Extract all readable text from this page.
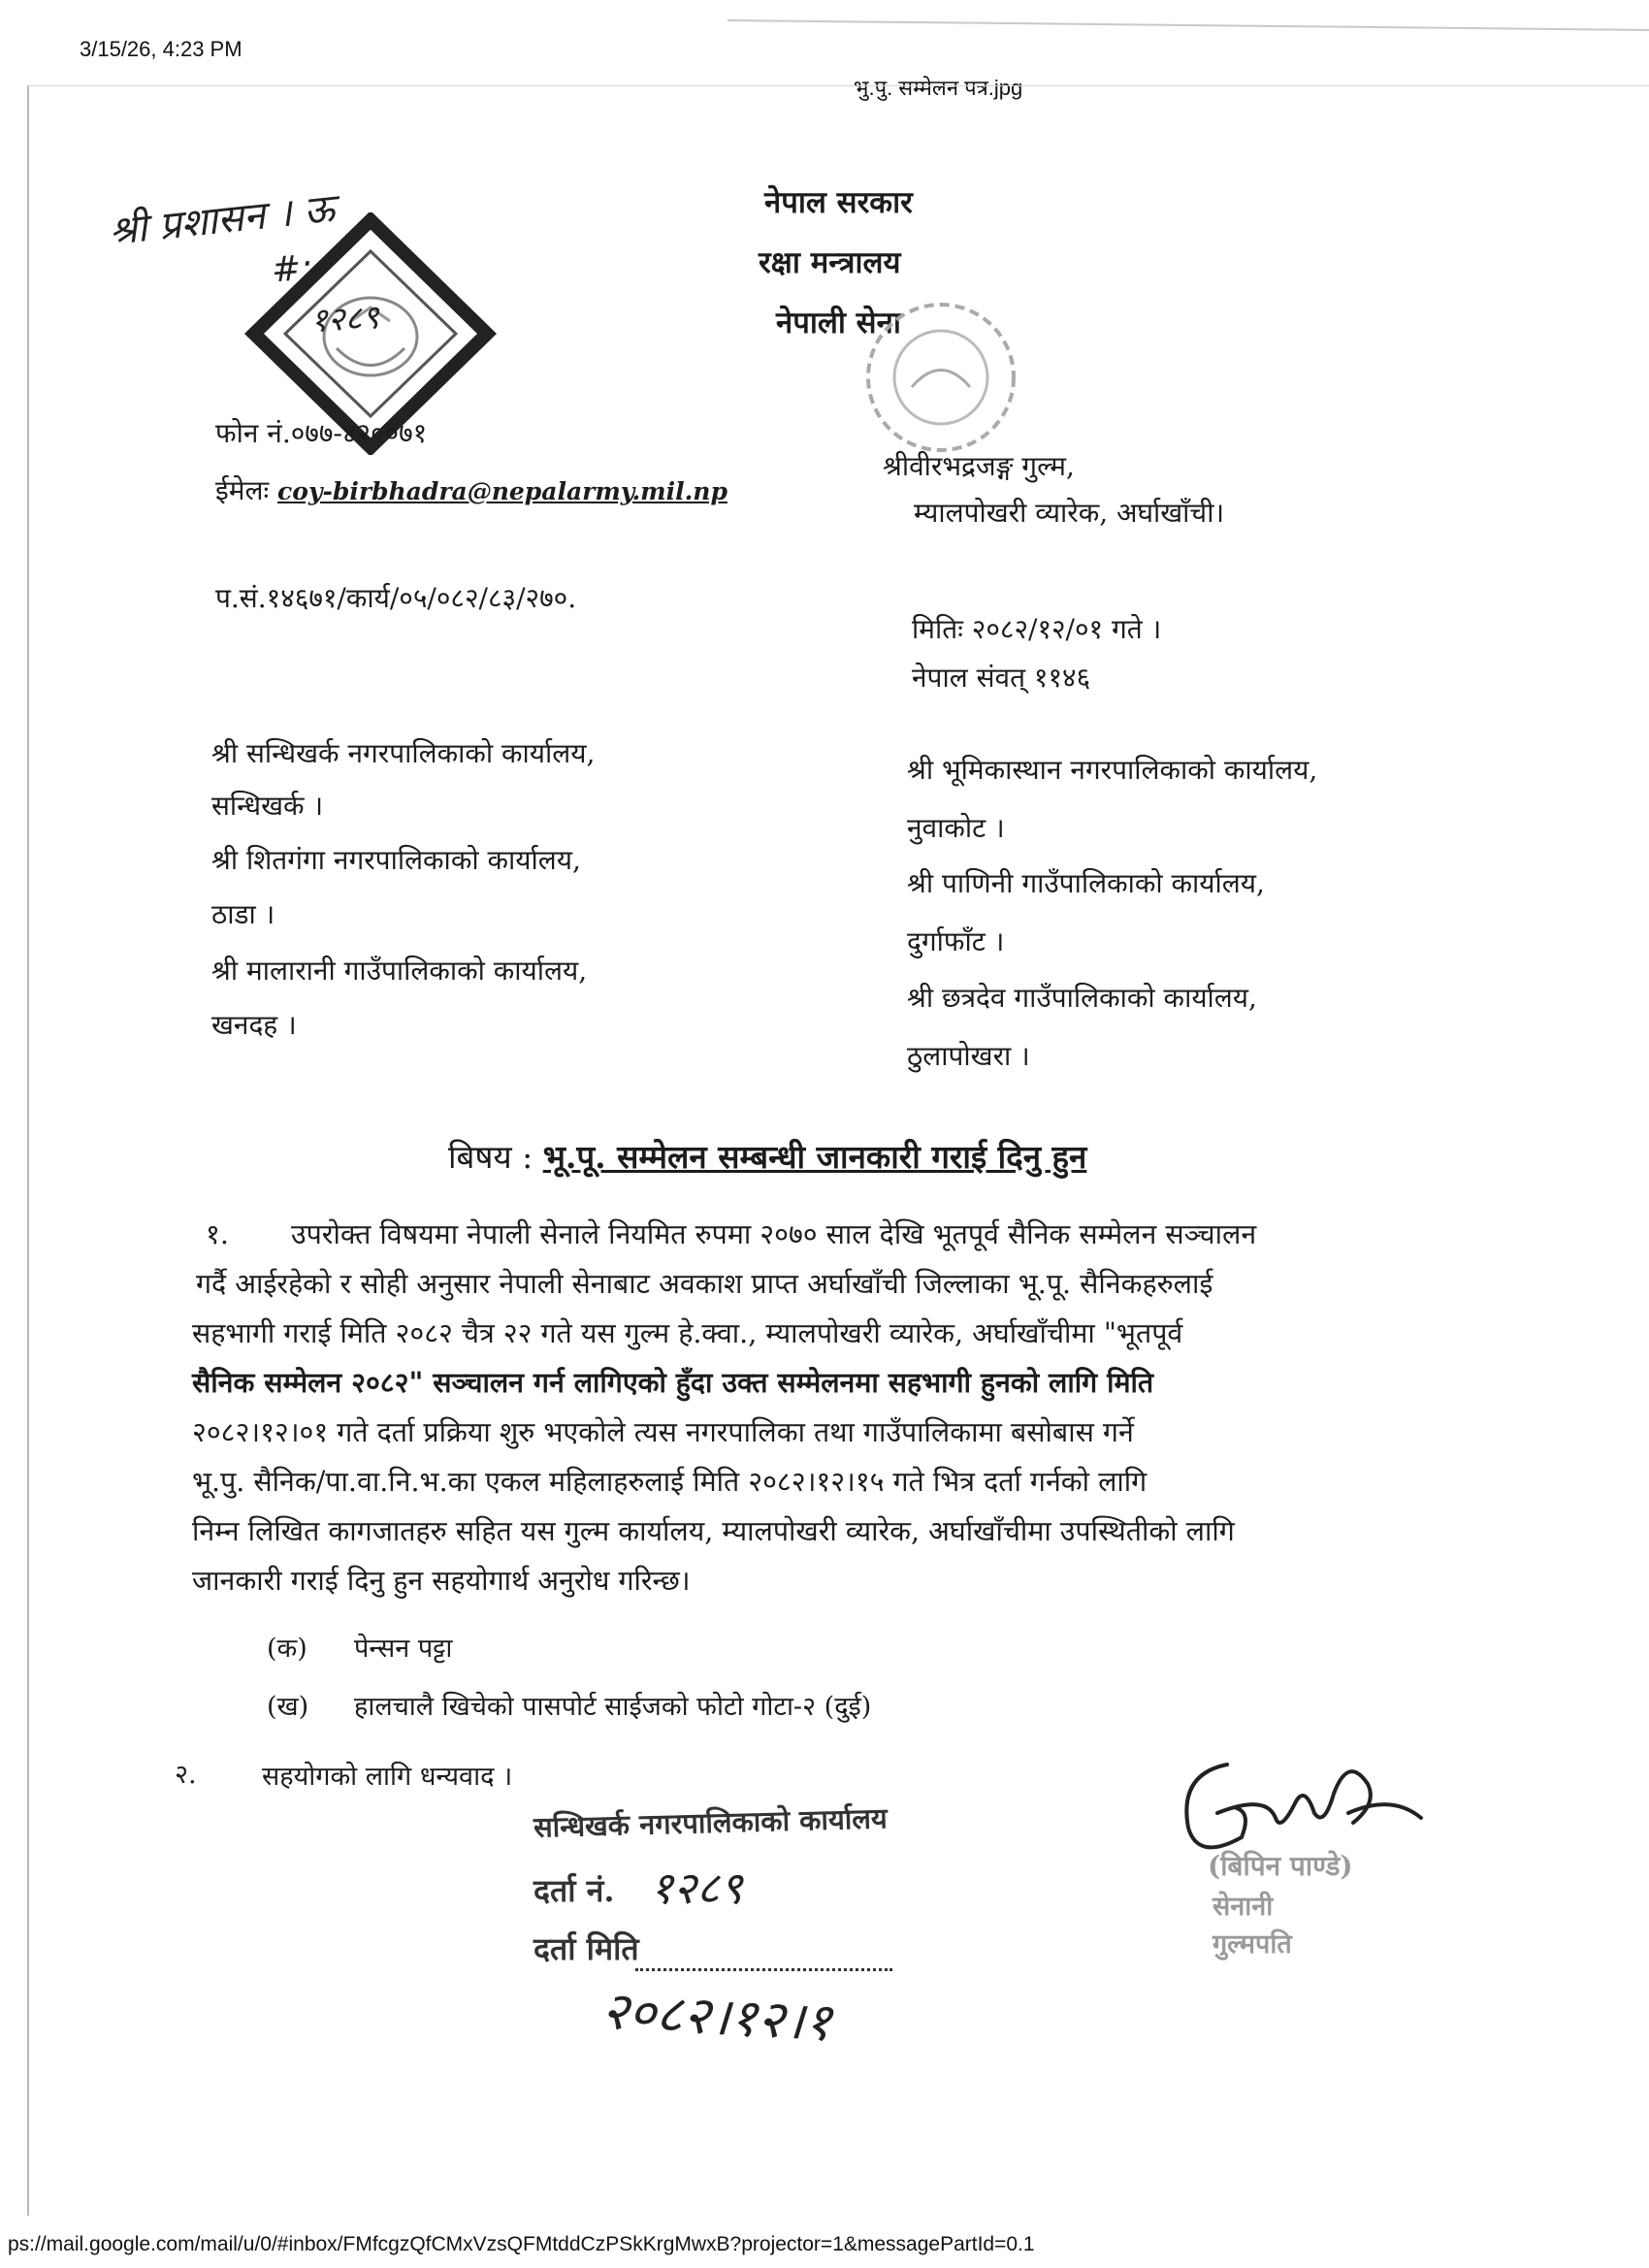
3/15/26, 4:23 PM
भु.पु. सम्मेलन पत्र.jpg
श्री प्रशासन । ऊ
#:
१२८९
नेपाल सरकार
रक्षा मन्त्रालय
नेपाली सेना
फोन नं.०७७-४२००७१
ईमेलः coy-birbhadra@nepalarmy.mil.np
श्रीवीरभद्रजङ्ग गुल्म,
म्यालपोखरी व्यारेक, अर्घाखाँची।
प.सं.१४६७१/कार्य/०५/०८२/८३/२७०.
मितिः २०८२/१२/०१ गते ।
नेपाल संवत् ११४६
श्री सन्धिखर्क नगरपालिकाको कार्यालय,
सन्धिखर्क ।
श्री शितगंगा नगरपालिकाको कार्यालय,
ठाडा ।
श्री मालारानी गाउँपालिकाको कार्यालय,
खनदह ।
श्री भूमिकास्थान नगरपालिकाको कार्यालय,
नुवाकोट ।
श्री पाणिनी गाउँपालिकाको कार्यालय,
दुर्गाफाँट ।
श्री छत्रदेव गाउँपालिकाको कार्यालय,
ठुलापोखरा ।
बिषय : भू.पू. सम्मेलन सम्बन्धी जानकारी गराई दिनु हुन
१.	उपरोक्त विषयमा नेपाली सेनाले नियमित रुपमा २०७० साल देखि भूतपूर्व सैनिक सम्मेलन सञ्चालन
गर्दै आईरहेको र सोही अनुसार नेपाली सेनाबाट अवकाश प्राप्त अर्घाखाँची जिल्लाका भू.पू. सैनिकहरुलाई
सहभागी गराई मिति २०८२ चैत्र २२ गते यस गुल्म हे.क्वा., म्यालपोखरी व्यारेक, अर्घाखाँचीमा "भूतपूर्व
सैनिक सम्मेलन २०८२" सञ्चालन गर्न लागिएको हुँदा उक्त सम्मेलनमा सहभागी हुनको लागि मिति
२०८२।१२।०१ गते दर्ता प्रक्रिया शुरु भएकोले त्यस नगरपालिका तथा गाउँपालिकामा बसोबास गर्ने
भू.पु. सैनिक/पा.वा.नि.भ.का एकल महिलाहरुलाई मिति २०८२।१२।१५ गते भित्र दर्ता गर्नको लागि
निम्न लिखित कागजातहरु सहित यस गुल्म कार्यालय, म्यालपोखरी व्यारेक, अर्घाखाँचीमा उपस्थितीको लागि
जानकारी गराई दिनु हुन सहयोगार्थ अनुरोध गरिन्छ।
(क) पेन्सन पट्टा
(ख) हालचालै खिचेको पासपोर्ट साईजको फोटो गोटा-२ (दुई)
२. सहयोगको लागि धन्यवाद ।
सन्धिखर्क नगरपालिकाको कार्यालय
दर्ता नं. १२८९
दर्ता मिति
२०८२।१२।१
(बिपिन पाण्डे)
सेनानी
गुल्मपति
ps://mail.google.com/mail/u/0/#inbox/FMfcgzQfCMxVzsQFMtddCzPSkKrgMwxB?projector=1&messagePartId=0.1
